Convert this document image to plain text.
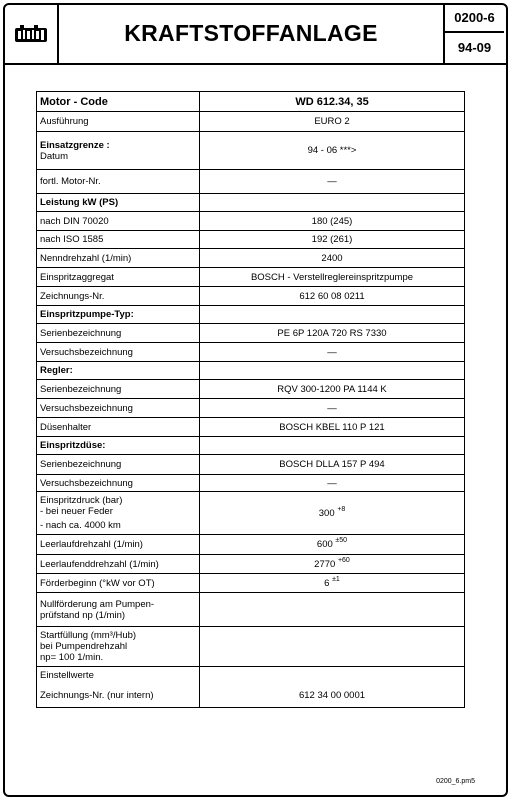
KRAFTSTOFFANLAGE
0200-6
94-09
Motor - Code	WD 612.34, 35
Ausführung	EURO 2

Einsatzgrenze :
Datum	94 - 06 ***>
fortl. Motor-Nr.	—
Leistung kW (PS)	
nach DIN 70020	180 (245)
nach ISO 1585	192 (261)
Nenndrehzahl (1/min)	2400
Einspritzaggregat	BOSCH - Verstellreglereinspritzpumpe
Zeichnungs-Nr.	612 60 08 0211
Einspritzpumpe-Typ:	
Serienbezeichnung	PE 6P 120A 720 RS 7330
Versuchsbezeichnung	—
Regler:	
Serienbezeichnung	RQV 300-1200 PA 1144 K
Versuchsbezeichnung	—
Düsenhalter	BOSCH KBEL 110 P 121
Einspritzdüse:	
Serienbezeichnung	BOSCH DLLA 157 P 494
Versuchsbezeichnung	—

Einspritzdruck (bar)
- bei neuer Feder
- nach ca. 4000 km	300 $^{+8}$
Leerlaufdrehzahl (1/min)	600 $^{\pm 50}$
Leerlaufenddrehzahl (1/min)	2770 $^{+60}$
Förderbeginn (°kW vor OT)	6 $^{\pm 1}$

Nullförderung am Pumpen-
prüfstand np (1/min)	

Startfüllung (mm³/Hub)
bei Pumpendrehzahl
np= 100 1/min.	

Einstellwerte	
Zeichnungs-Nr. (nur intern)	612 34 00 0001
0200_6.pm5
